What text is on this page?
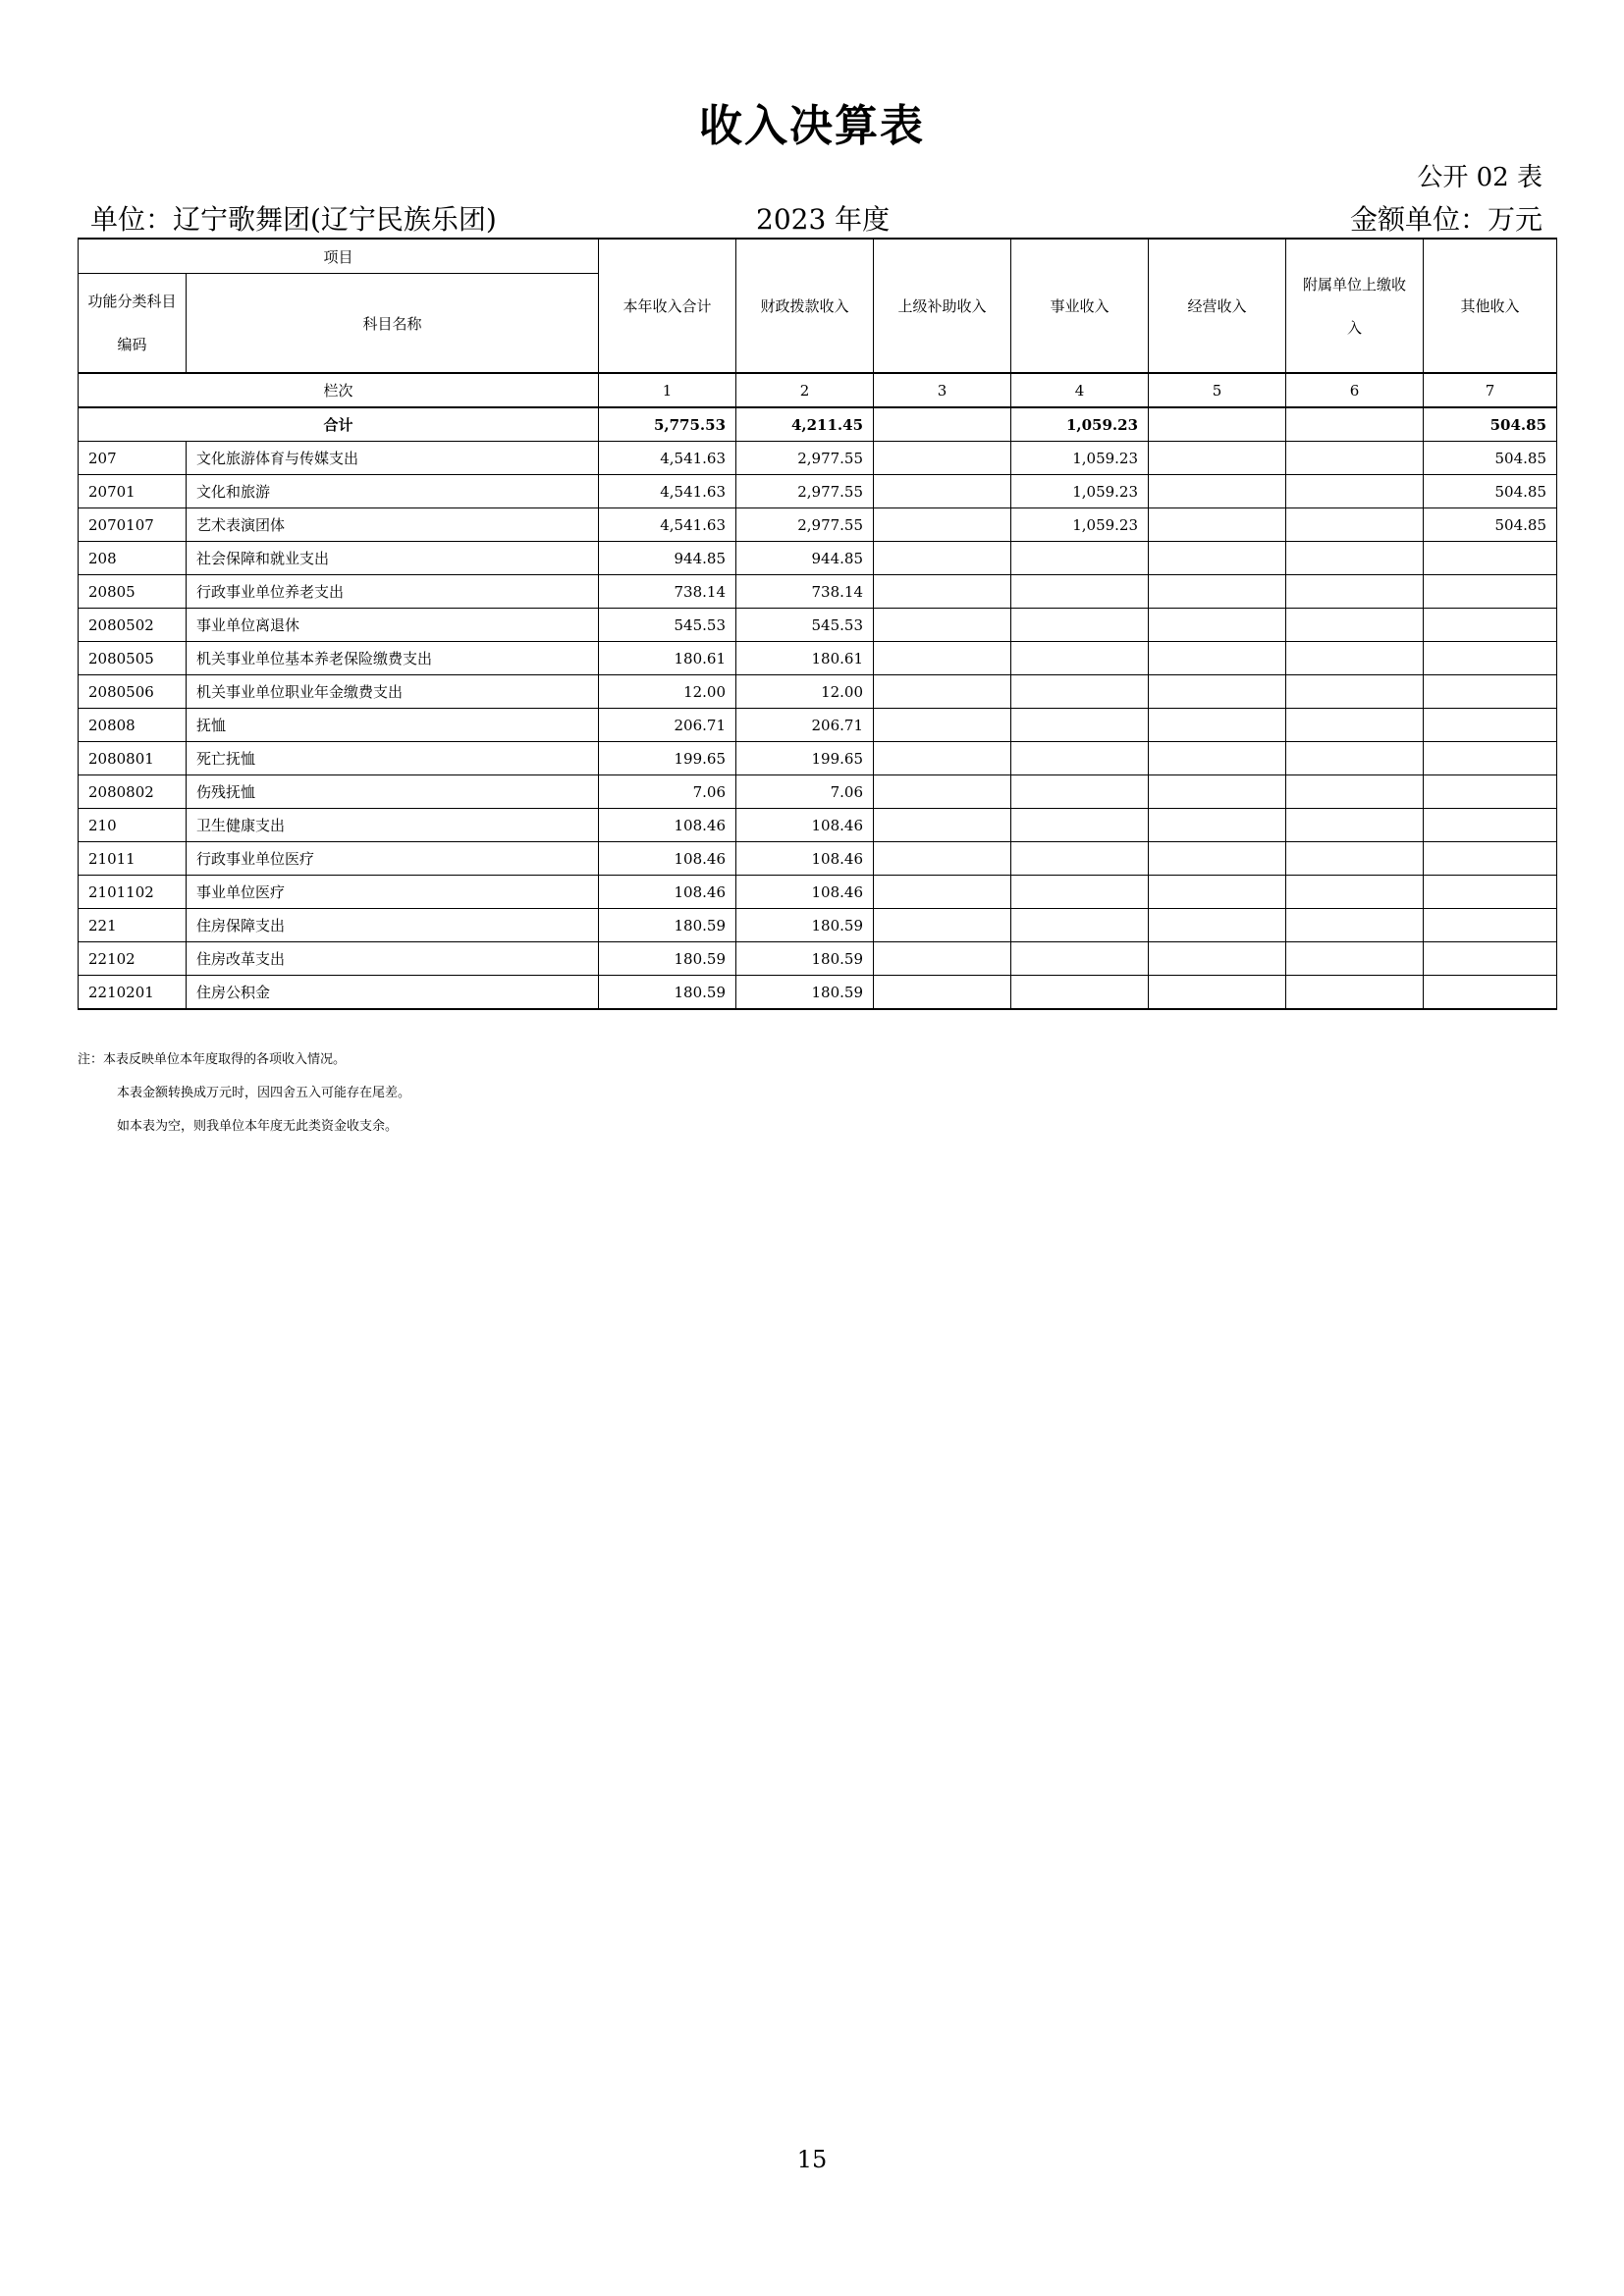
收入决算表
公开 02 表
单位：辽宁歌舞团(辽宁民族乐团)	2023 年度	金额单位：万元
项目		本年收入合计	财政拨款收入	上级补助收入	事业收入	经营收入	附属单位上缴收入	其他收入
功能分类科目编码	科目名称							
栏次		1	2	3	4	5	6	7
合计		5,775.53	4,211.45		1,059.23			504.85
207	文化旅游体育与传媒支出	4,541.63	2,977.55		1,059.23			504.85
20701	文化和旅游	4,541.63	2,977.55		1,059.23			504.85
2070107	艺术表演团体	4,541.63	2,977.55		1,059.23			504.85
208	社会保障和就业支出	944.85	944.85					
20805	行政事业单位养老支出	738.14	738.14					
2080502	事业单位离退休	545.53	545.53					
2080505	机关事业单位基本养老保险缴费支出	180.61	180.61					
2080506	机关事业单位职业年金缴费支出	12.00	12.00					
20808	抚恤	206.71	206.71					
2080801	死亡抚恤	199.65	199.65					
2080802	伤残抚恤	7.06	7.06					
210	卫生健康支出	108.46	108.46					
21011	行政事业单位医疗	108.46	108.46					
2101102	事业单位医疗	108.46	108.46					
221	住房保障支出	180.59	180.59					
22102	住房改革支出	180.59	180.59					
2210201	住房公积金	180.59	180.59					
注：本表反映单位本年度取得的各项收入情况。
本表金额转换成万元时，因四舍五入可能存在尾差。
如本表为空，则我单位本年度无此类资金收支余。
15
